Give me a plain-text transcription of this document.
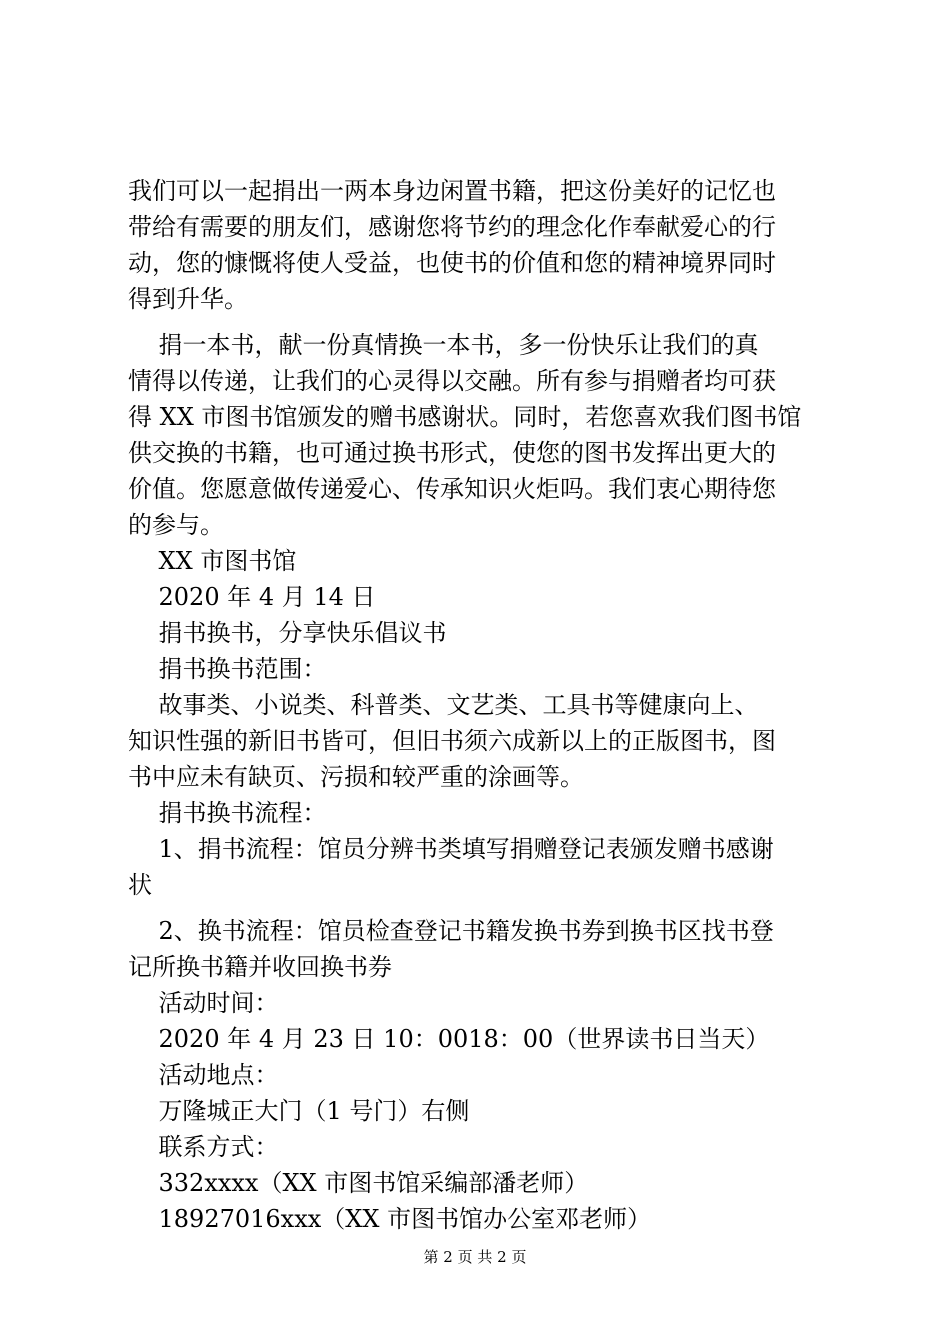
我们可以一起捐出一两本身边闲置书籍，把这份美好的记忆也
带给有需要的朋友们，感谢您将节约的理念化作奉献爱心的行
动，您的慷慨将使人受益，也使书的价值和您的精神境界同时
得到升华。
捐一本书，献一份真情换一本书，多一份快乐让我们的真
情得以传递，让我们的心灵得以交融。所有参与捐赠者均可获
得 XX 市图书馆颁发的赠书感谢状。同时，若您喜欢我们图书馆
供交换的书籍，也可通过换书形式，使您的图书发挥出更大的
价值。您愿意做传递爱心、传承知识火炬吗。我们衷心期待您
的参与。
XX 市图书馆
2020 年 4 月 14 日
捐书换书，分享快乐倡议书
捐书换书范围：
故事类、小说类、科普类、文艺类、工具书等健康向上、
知识性强的新旧书皆可，但旧书须六成新以上的正版图书，图
书中应未有缺页、污损和较严重的涂画等。
捐书换书流程：
1、捐书流程：馆员分辨书类填写捐赠登记表颁发赠书感谢
状
2、换书流程：馆员检查登记书籍发换书券到换书区找书登
记所换书籍并收回换书券
活动时间：
2020 年 4 月 23 日 10：0018：00（世界读书日当天）
活动地点：
万隆城正大门（1 号门）右侧
联系方式：
332xxxx（XX 市图书馆采编部潘老师）
18927016xxx（XX 市图书馆办公室邓老师）
第 2 页 共 2 页
